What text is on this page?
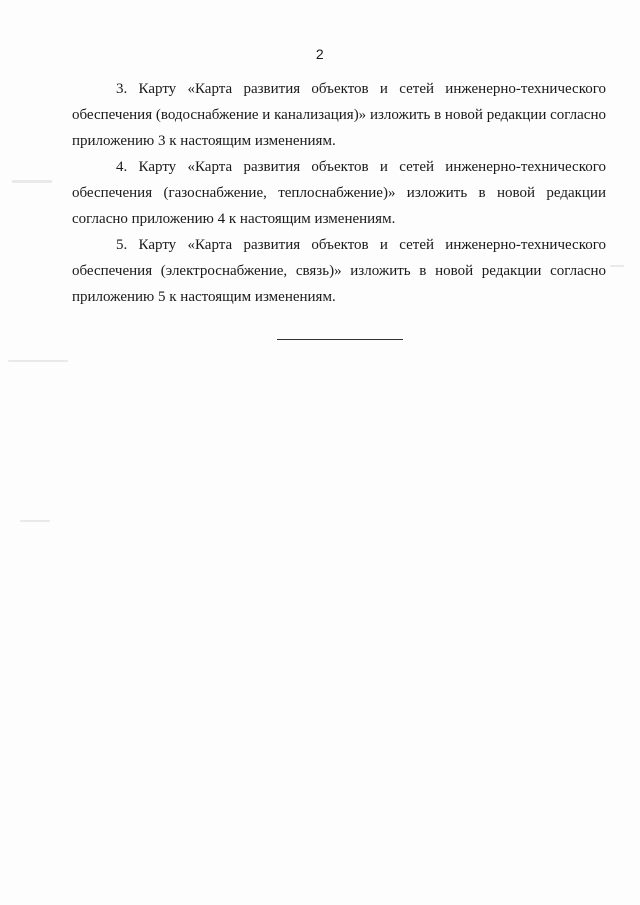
2

3. Карту «Карта развития объектов и сетей инженерно-технического обеспечения (водоснабжение и канализация)» изложить в новой редакции согласно приложению 3 к настоящим изменениям.

4. Карту «Карта развития объектов и сетей инженерно-технического обеспечения (газоснабжение, теплоснабжение)» изложить в новой редакции согласно приложению 4 к настоящим изменениям.

5. Карту «Карта развития объектов и сетей инженерно-технического обеспечения (электроснабжение, связь)» изложить в новой редакции согласно приложению 5 к настоящим изменениям.
